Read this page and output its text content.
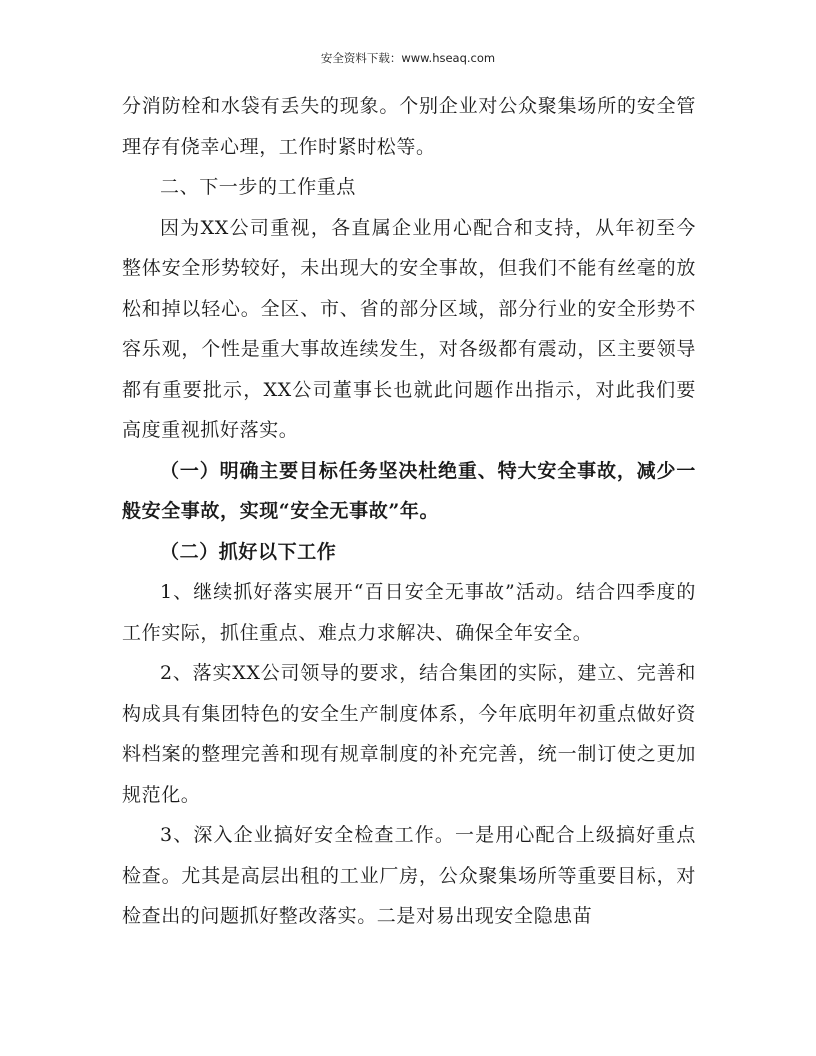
安全资料下载：www.hseaq.com

分消防栓和水袋有丢失的现象。个别企业对公众聚集场所的安全管理存有侥幸心理，工作时紧时松等。

二、下一步的工作重点

因为XX公司重视，各直属企业用心配合和支持，从年初至今整体安全形势较好，未出现大的安全事故，但我们不能有丝毫的放松和掉以轻心。全区、市、省的部分区域，部分行业的安全形势不容乐观，个性是重大事故连续发生，对各级都有震动，区主要领导都有重要批示，XX公司董事长也就此问题作出指示，对此我们要高度重视抓好落实。

（一）明确主要目标任务坚决杜绝重、特大安全事故，减少一般安全事故，实现“安全无事故”年。

（二）抓好以下工作

1、继续抓好落实展开“百日安全无事故”活动。结合四季度的工作实际，抓住重点、难点力求解决、确保全年安全。

2、落实XX公司领导的要求，结合集团的实际，建立、完善和构成具有集团特色的安全生产制度体系，今年底明年初重点做好资料档案的整理完善和现有规章制度的补充完善，统一制订使之更加规范化。

3、深入企业搞好安全检查工作。一是用心配合上级搞好重点检查。尤其是高层出租的工业厂房，公众聚集场所等重要目标，对检查出的问题抓好整改落实。二是对易出现安全隐患苗
